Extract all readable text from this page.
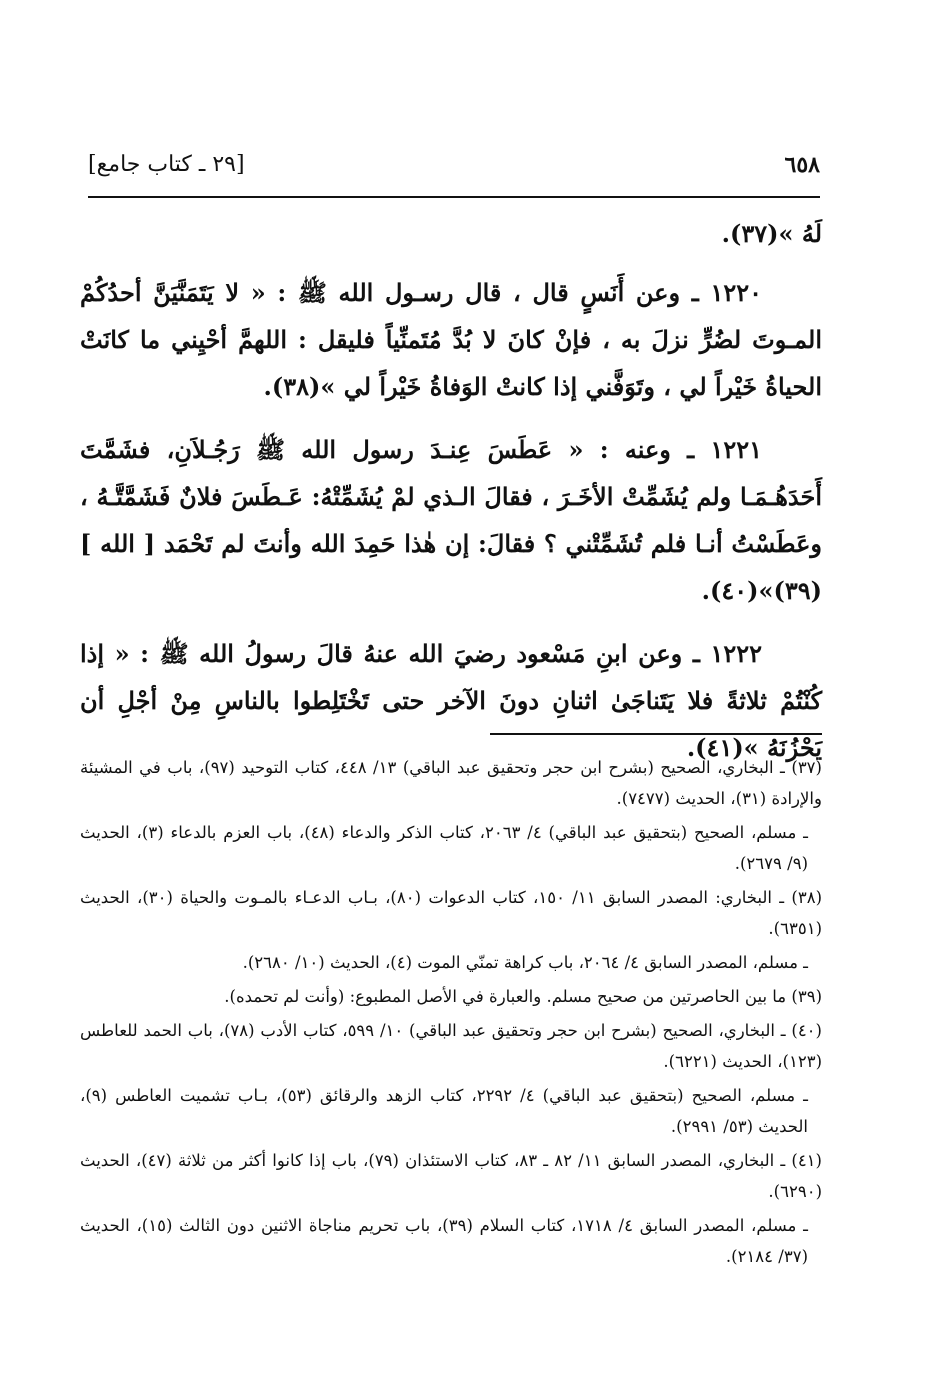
٦٥٨
[٢٩ ـ كتاب جامع]

لَهُ »(٣٧).

١٢٢٠ ـ وعن أَنَسٍ قال ، قال رسـول الله ﷺ : « لا يَتَمَنَّيَنَّ أحدُكُمْ المـوتَ لضُرٍّ نزلَ به ، فإنْ كانَ لا بُدَّ مُتَمنِّياً فليقل : اللهمَّ أحْيِني ما كانَتْ الحياةُ خَيْراً لي ، وتَوَفَّني إذا كانتْ الوَفاةُ خَيْراً لي »(٣٨).

١٢٢١ ـ وعنه : « عَطَسَ عِنـدَ رسول الله ﷺ رَجُـلاَنِ، فشَمَّتَ أَحَدَهُـمَـا ولم يُشَمِّتْ الأخَـرَ ، فقالَ الـذي لمْ يُشَمِّتْهُ: عَـطَسَ فلانٌ فَشَمَّتَّـهُ ، وعَطَسْتُ أنـا فلم تُشَمِّتْني ؟ فقالَ: إن هٰذا حَمِدَ الله وأنتَ لم تَحْمَد [ الله ](٣٩)»(٤٠).

١٢٢٢ ـ وعن ابنِ مَسْعود رضيَ الله عنهُ قالَ رسولُ الله ﷺ : « إذا كُنْتُمْ ثلاثةً فلا يَتَناجَىٰ اثنانِ دونَ الآخر حتى تَخْتَلِطوا بالناسِ مِنْ أجْلِ أن يَحْزُنَهُ »(٤١).

(٣٧) ـ البخاري، الصحيح (بشرح ابن حجر وتحقيق عبد الباقي) ١٣/ ٤٤٨، كتاب التوحيد (٩٧)، باب في المشيئة والإرادة (٣١)، الحديث (٧٤٧٧).

ـ مسلم، الصحيح (بتحقيق عبد الباقي) ٤/ ٢٠٦٣، كتاب الذكر والدعاء (٤٨)، باب العزم بالدعاء (٣)، الحديث (٩/ ٢٦٧٩).

(٣٨) ـ البخاري: المصدر السابق ١١/ ١٥٠، كتاب الدعوات (٨٠)، بـاب الدعـاء بالمـوت والحياة (٣٠)، الحديث (٦٣٥١).

ـ مسلم، المصدر السابق ٤/ ٢٠٦٤، باب كراهة تمنّي الموت (٤)، الحديث (١٠/ ٢٦٨٠).

(٣٩) ما بين الحاصرتين من صحيح مسلم. والعبارة في الأصل المطبوع: (وأنت لم تحمده).

(٤٠) ـ البخاري، الصحيح (بشرح ابن حجر وتحقيق عبد الباقي) ١٠/ ٥٩٩، كتاب الأدب (٧٨)، باب الحمد للعاطس (١٢٣)، الحديث (٦٢٢١).

ـ مسلم، الصحيح (بتحقيق عبد الباقي) ٤/ ٢٢٩٢، كتاب الزهد والرقائق (٥٣)، بـاب تشميت العاطس (٩)، الحديث (٥٣/ ٢٩٩١).

(٤١) ـ البخاري، المصدر السابق ١١/ ٨٢ ـ ٨٣، كتاب الاستئذان (٧٩)، باب إذا كانوا أكثر من ثلاثة (٤٧)، الحديث (٦٢٩٠).

ـ مسلم، المصدر السابق ٤/ ١٧١٨، كتاب السلام (٣٩)، باب تحريم مناجاة الاثنين دون الثالث (١٥)، الحديث (٣٧/ ٢١٨٤).
